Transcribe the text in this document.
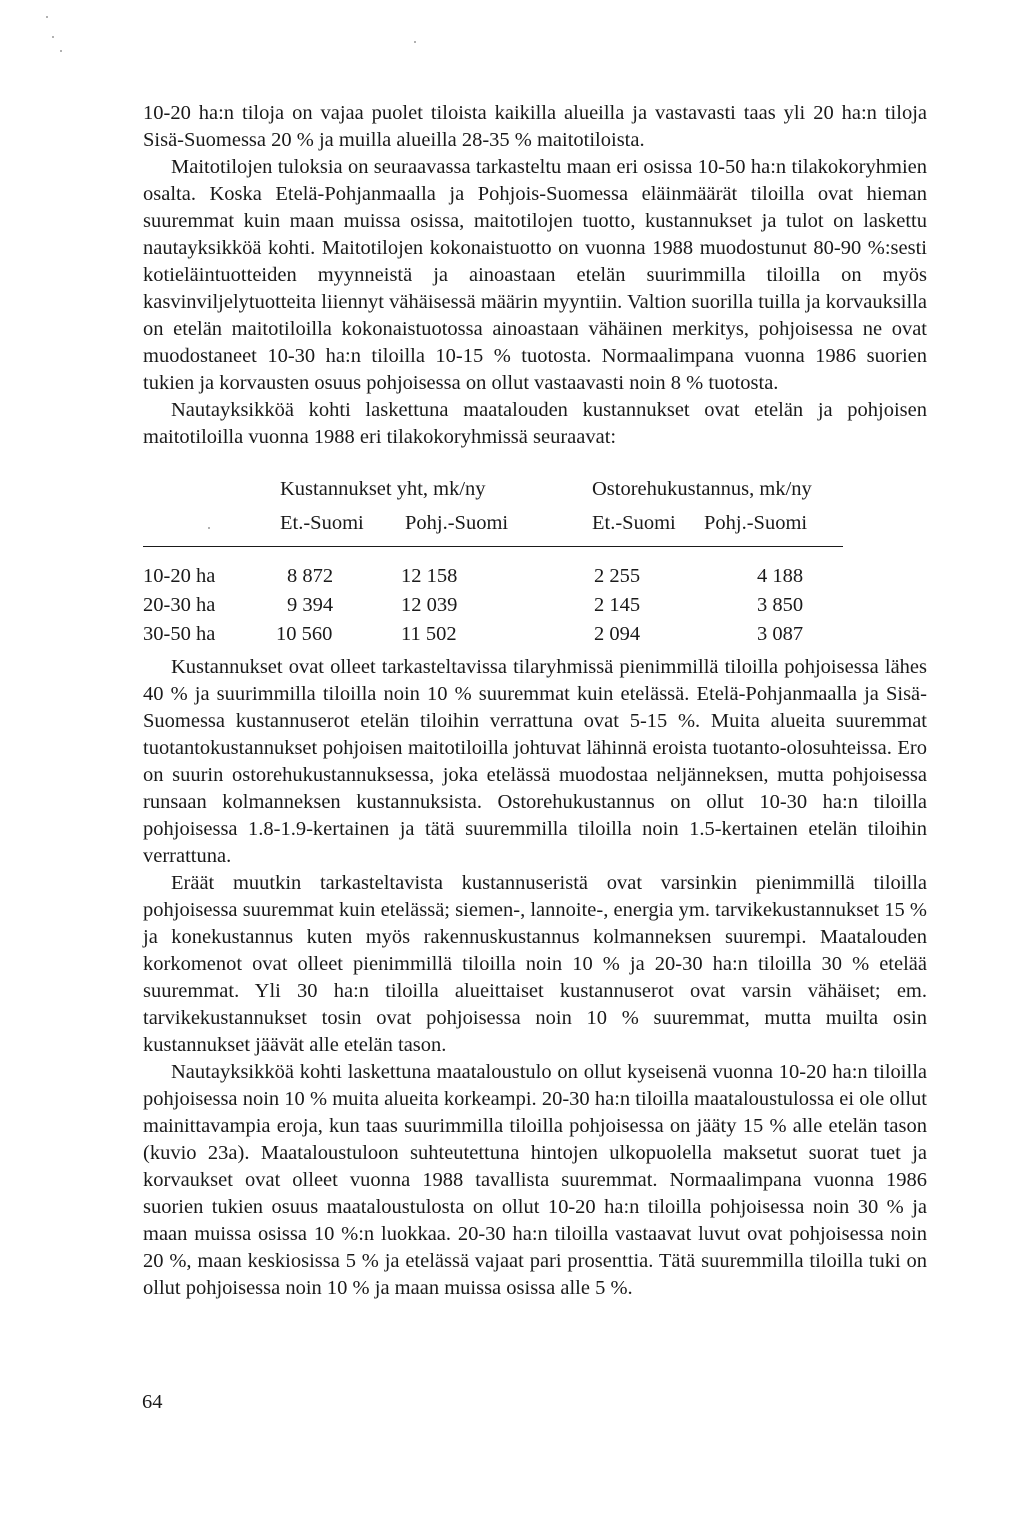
10-20 ha:n tiloja on vajaa puolet tiloista kaikilla alueilla ja vastavasti taas yli 20 ha:n tiloja Sisä-Suomessa 20 % ja muilla alueilla 28-35 % maitotiloista.

Maitotilojen tuloksia on seuraavassa tarkasteltu maan eri osissa 10-50 ha:n tilakokoryhmien osalta. Koska Etelä-Pohjanmaalla ja Pohjois-Suomessa eläinmäärät tiloilla ovat hieman suuremmat kuin maan muissa osissa, maitotilojen tuotto, kustannukset ja tulot on laskettu nautayksikköä kohti. Maitotilojen kokonaistuotto on vuonna 1988 muodostunut 80-90 %:sesti kotieläintuotteiden myynneistä ja ainoastaan etelän suurimmilla tiloilla on myös kasvinviljelytuotteita liiennyt vähäisessä määrin myyntiin. Valtion suorilla tuilla ja korvauksilla on etelän maitotiloilla kokonaistuotossa ainoastaan vähäinen merkitys, pohjoisessa ne ovat muodostaneet 10-30 ha:n tiloilla 10-15 % tuotosta. Normaalimpana vuonna 1986 suorien tukien ja korvausten osuus pohjoisessa on ollut vastaavasti noin 8 % tuotosta.

Nautayksikköä kohti laskettuna maatalouden kustannukset ovat etelän ja pohjoisen maitotiloilla vuonna 1988 eri tilakokoryhmissä seuraavat:

Kustannukset yht, mk/ny	Ostorehukustannus, mk/ny
Et.-Suomi Pohj.-Suomi	Et.-Suomi Pohj.-Suomi
10-20 ha	8 872	12 158	2 255	4 188
20-30 ha	9 394	12 039	2 145	3 850
30-50 ha	10 560	11 502	2 094	3 087

Kustannukset ovat olleet tarkasteltavissa tilaryhmissä pienimmillä tiloilla pohjoisessa lähes 40 % ja suurimmilla tiloilla noin 10 % suuremmat kuin etelässä. Etelä-Pohjanmaalla ja Sisä-Suomessa kustannuserot etelän tiloihin verrattuna ovat 5-15 %. Muita alueita suuremmat tuotantokustannukset pohjoisen maitotiloilla johtuvat lähinnä eroista tuotanto-olosuhteissa. Ero on suurin ostorehukustannuksessa, joka etelässä muodostaa neljänneksen, mutta pohjoisessa runsaan kolmanneksen kustannuksista. Ostorehukustannus on ollut 10-30 ha:n tiloilla pohjoisessa 1.8-1.9-kertainen ja tätä suuremmilla tiloilla noin 1.5-kertainen etelän tiloihin verrattuna.

Eräät muutkin tarkasteltavista kustannuseristä ovat varsinkin pienimmillä tiloilla pohjoisessa suuremmat kuin etelässä; siemen-, lannoite-, energia ym. tarvikekustannukset 15 % ja konekustannus kuten myös rakennuskustannus kolmanneksen suurempi. Maatalouden korkomenot ovat olleet pienimmillä tiloilla noin 10 % ja 20-30 ha:n tiloilla 30 % etelää suuremmat. Yli 30 ha:n tiloilla alueittaiset kustannuserot ovat varsin vähäiset; em. tarvikekustannukset tosin ovat pohjoisessa noin 10 % suuremmat, mutta muilta osin kustannukset jäävät alle etelän tason.

Nautayksikköä kohti laskettuna maataloustulo on ollut kyseisenä vuonna 10-20 ha:n tiloilla pohjoisessa noin 10 % muita alueita korkeampi. 20-30 ha:n tiloilla maataloustulossa ei ole ollut mainittavampia eroja, kun taas suurimmilla tiloilla pohjoisessa on jääty 15 % alle etelän tason (kuvio 23a). Maataloustuloon suhteutettuna hintojen ulkopuolella maksetut suorat tuet ja korvaukset ovat olleet vuonna 1988 tavallista suuremmat. Normaalimpana vuonna 1986 suorien tukien osuus maataloustulosta on ollut 10-20 ha:n tiloilla pohjoisessa noin 30 % ja maan muissa osissa 10 %:n luokkaa. 20-30 ha:n tiloilla vastaavat luvut ovat pohjoisessa noin 20 %, maan keskiosissa 5 % ja etelässä vajaat pari prosenttia. Tätä suuremmilla tiloilla tuki on ollut pohjoisessa noin 10 % ja maan muissa osissa alle 5 %.

64
